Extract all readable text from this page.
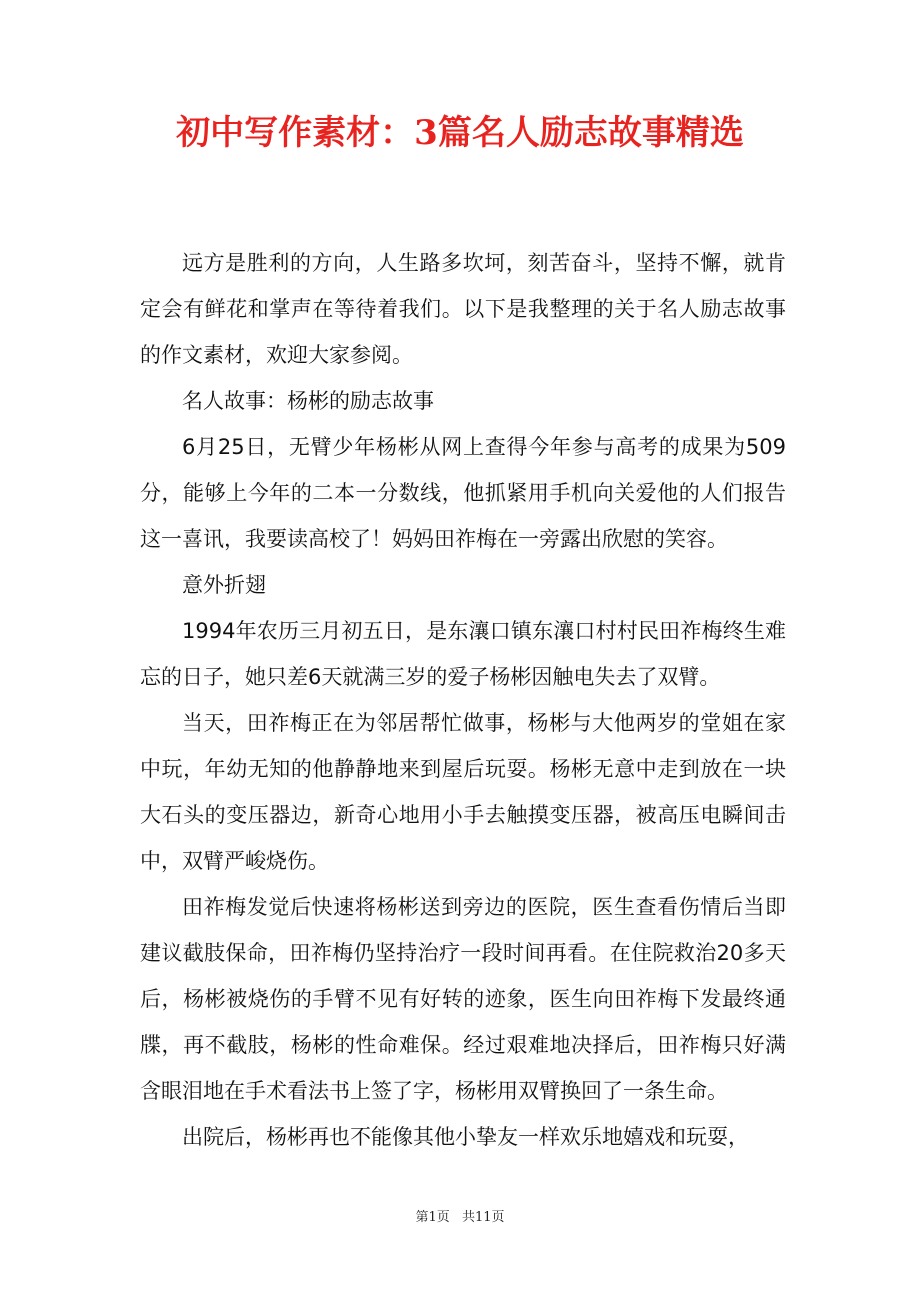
初中写作素材：3篇名人励志故事精选

远方是胜利的方向，人生路多坎坷，刻苦奋斗，坚持不懈，就肯定会有鲜花和掌声在等待着我们。以下是我整理的关于名人励志故事的作文素材，欢迎大家参阅。

名人故事：杨彬的励志故事

6月25日，无臂少年杨彬从网上查得今年参与高考的成果为509分，能够上今年的二本一分数线，他抓紧用手机向关爱他的人们报告这一喜讯，我要读高校了！妈妈田祚梅在一旁露出欣慰的笑容。

意外折翅

1994年农历三月初五日，是东瀼口镇东瀼口村村民田祚梅终生难忘的日子，她只差6天就满三岁的爱子杨彬因触电失去了双臂。

当天，田祚梅正在为邻居帮忙做事，杨彬与大他两岁的堂姐在家中玩，年幼无知的他静静地来到屋后玩耍。杨彬无意中走到放在一块大石头的变压器边，新奇心地用小手去触摸变压器，被高压电瞬间击中，双臂严峻烧伤。

田祚梅发觉后快速将杨彬送到旁边的医院，医生查看伤情后当即建议截肢保命，田祚梅仍坚持治疗一段时间再看。在住院救治20多天后，杨彬被烧伤的手臂不见有好转的迹象，医生向田祚梅下发最终通牒，再不截肢，杨彬的性命难保。经过艰难地决择后，田祚梅只好满含眼泪地在手术看法书上签了字，杨彬用双臂换回了一条生命。

出院后，杨彬再也不能像其他小挚友一样欢乐地嬉戏和玩耍，

第1页 共11页
